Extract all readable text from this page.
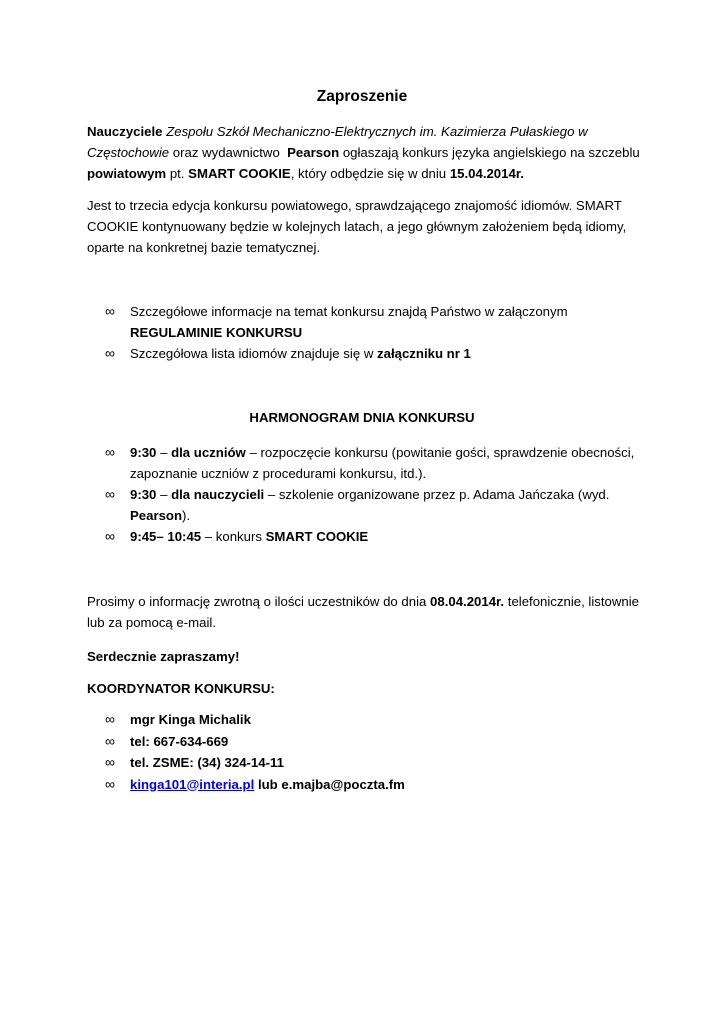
Zaproszenie
Nauczyciele Zespołu Szkół Mechaniczno-Elektrycznych im. Kazimierza Pułaskiego w Częstochowie oraz wydawnictwo Pearson ogłaszają konkurs języka angielskiego na szczeblu powiatowym pt. SMART COOKIE, który odbędzie się w dniu 15.04.2014r.
Jest to trzecia edycja konkursu powiatowego, sprawdzającego znajomość idiomów. SMART COOKIE kontynuowany będzie w kolejnych latach, a jego głównym założeniem będą idiomy, oparte na konkretnej bazie tematycznej.
∞	Szczegółowe informacje na temat konkursu znajdą Państwo w załączonym
REGULAMINIE KONKURSU
∞	Szczegółowa lista idiomów znajduje się w załączniku nr 1
HARMONOGRAM DNIA KONKURSU
∞	9:30 – dla uczniów – rozpoczęcie konkursu (powitanie gości, sprawdzenie obecności, zapoznanie uczniów z procedurami konkursu, itd.).
∞	9:30 – dla nauczycieli – szkolenie organizowane przez p. Adama Jańczaka (wyd. Pearson).
∞	9:45– 10:45 – konkurs SMART COOKIE
Prosimy o informację zwrotną o ilości uczestników do dnia 08.04.2014r. telefonicznie, listownie lub za pomocą e-mail.
Serdecznie zapraszamy!
KOORDYNATOR KONKURSU:
∞	mgr Kinga Michalik
∞	tel: 667-634-669
∞	tel. ZSME: (34) 324-14-11
∞	kinga101@interia.pl lub e.majba@poczta.fm
